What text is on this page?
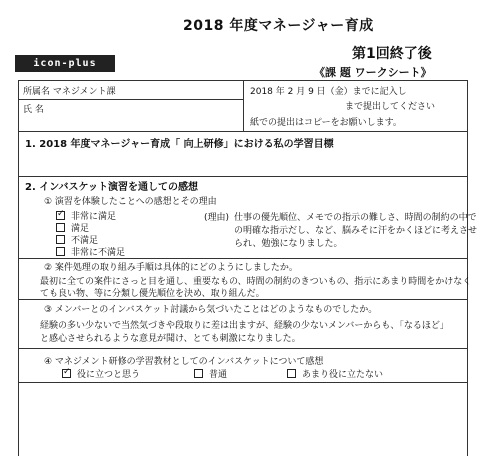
2018 年度マネージャー育成
第1回終了後
《課 題 ワークシート》
icon-plus
所属名 マネジメント課
氏 名
2018 年 2 月 9 日（金）までに記入し
まで提出してください
紙での提出はコピーをお願いします。
1. 2018 年度マネージャー育成「 向上研修」における私の学習目標
2. インバスケット演習を通しての感想
① 演習を体験したことへの感想とその理由
✓非常に満足
満足
不満足
非常に不満足
(理由) 仕事の優先順位、メモでの指示の難しさ、時間の制約の中で
の明確な指示だし、など、脳みそに汗をかくほどに考えさせ
られ、勉強になりました。
② 案件処理の取り組み手順は具体的にどのようにしましたか。
最初に全ての案件にさっと目を通し、重要なもの、時間の制約のきついもの、指示にあまり時間をかけなく
ても良い物、等に分類し優先順位を決め、取り組んだ。
③ メンバーとのインバスケット討議から気づいたことはどのようなものでしたか。
経験の多い少ないで当然気づきや段取りに差は出ますが、経験の少ないメンバーからも、「なるほど」
と感心させられるような意見が聞け、とても刺激になりました。
④ マネジメント研修の学習教材としてのインバスケットについて感想
✓役に立つと思う	普通	あまり役に立たない
